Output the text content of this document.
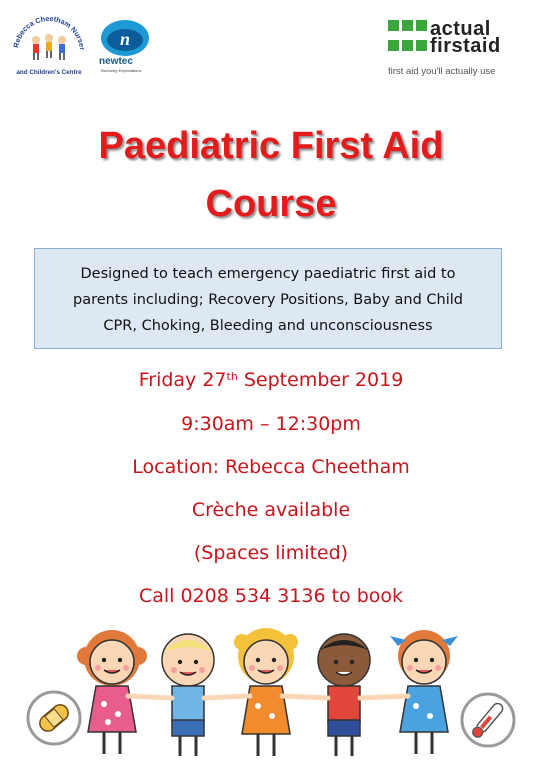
Rebecca Cheetham Nurser
and Children's Centre
n
newtec
Nurturing Expectations
actual
firstaid
first aid you'll actually use
Paediatric First Aid
Course
Designed to teach emergency paediatric first aid to
parents including; Recovery Positions, Baby and Child
CPR, Choking, Bleeding and unconsciousness
Friday 27th September 2019
9:30am – 12:30pm
Location: Rebecca Cheetham
Crèche available
(Spaces limited)
Call 0208 534 3136 to book
